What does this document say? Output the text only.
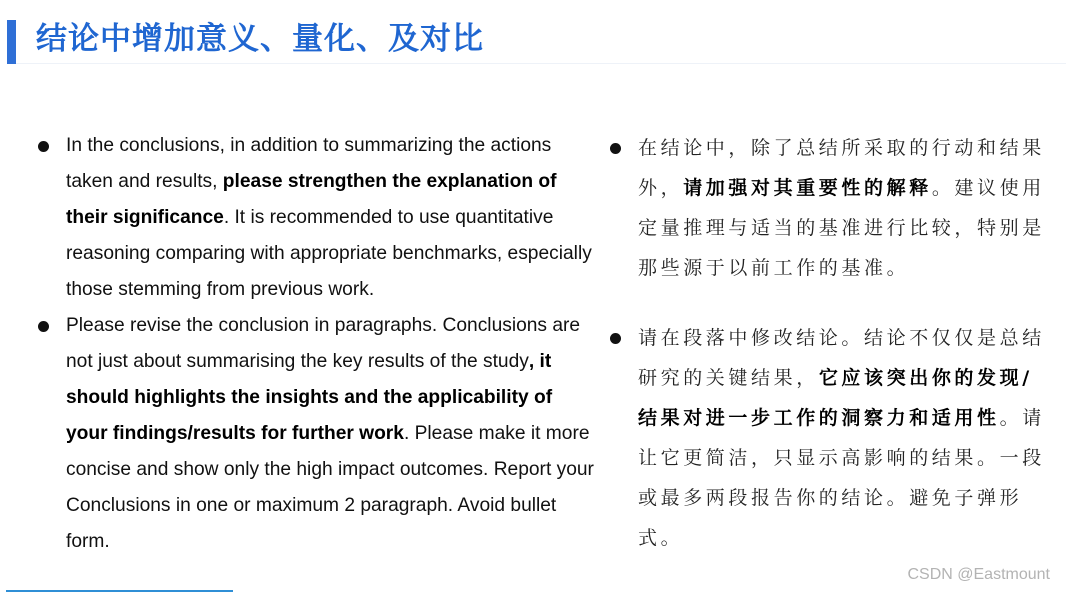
结论中增加意义、量化、及对比
In the conclusions, in addition to summarizing the actions taken and results, please strengthen the explanation of their significance. It is recommended to use quantitative reasoning comparing with appropriate benchmarks, especially those stemming from previous work.
Please revise the conclusion in paragraphs. Conclusions are not just about summarising the key results of the study, it should highlights the insights and the applicability of your findings/results for further work. Please make it more concise and show only the high impact outcomes. Report your Conclusions in one or maximum 2 paragraph. Avoid bullet form.
在结论中，除了总结所采取的行动和结果外，请加强对其重要性的解释。建议使用定量推理与适当的基准进行比较，特别是那些源于以前工作的基准。
请在段落中修改结论。结论不仅仅是总结研究的关键结果，它应该突出你的发现/结果对进一步工作的洞察力和适用性。请让它更简洁，只显示高影响的结果。一段或最多两段报告你的结论。避免子弹形式。
CSDN @Eastmount
